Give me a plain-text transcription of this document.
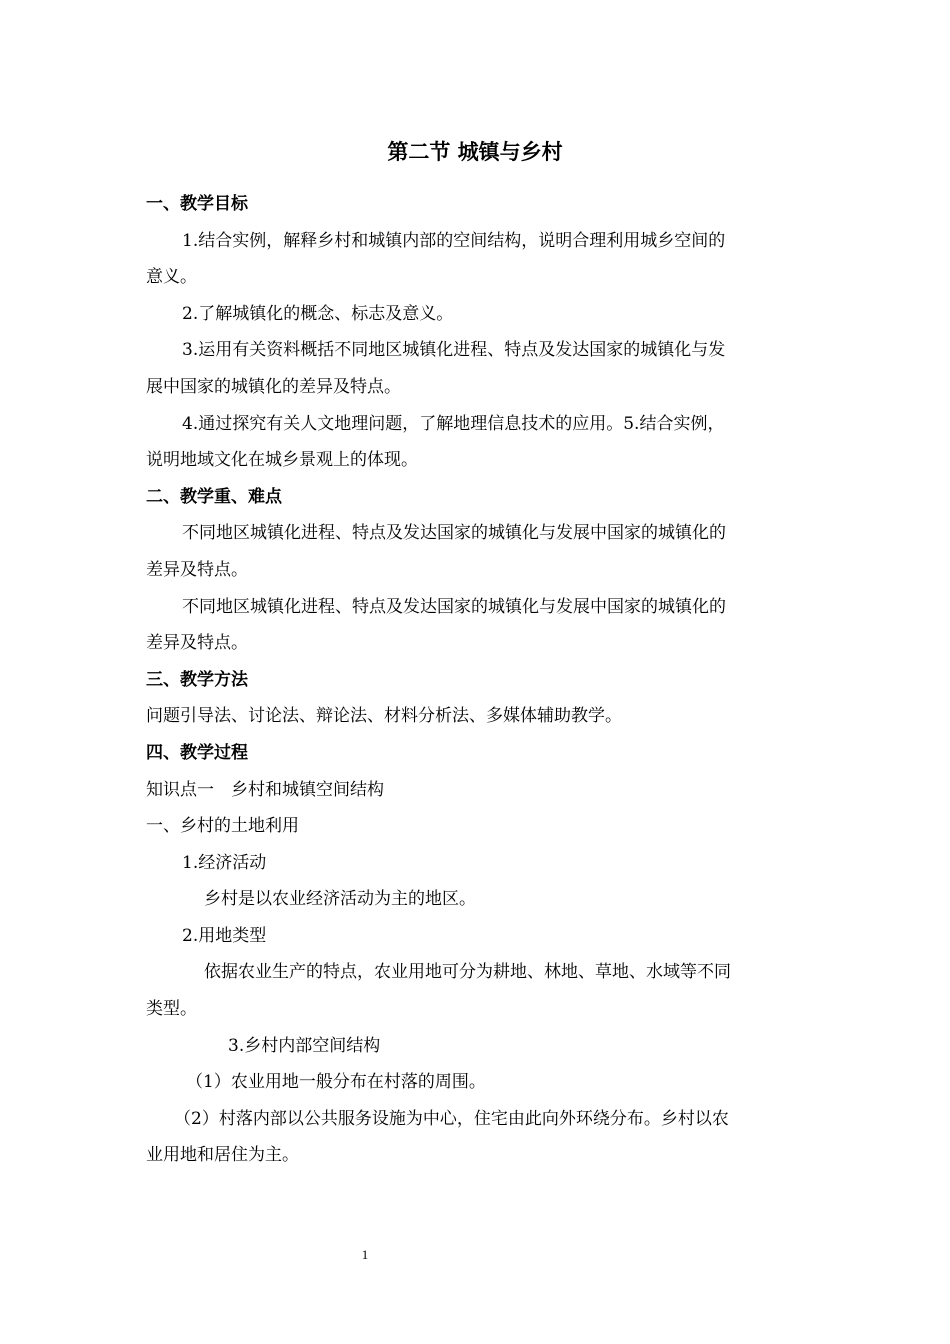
第二节 城镇与乡村
一、教学目标
1.结合实例，解释乡村和城镇内部的空间结构，说明合理利用城乡空间的
意义。
2.了解城镇化的概念、标志及意义。
3.运用有关资料概括不同地区城镇化进程、特点及发达国家的城镇化与发
展中国家的城镇化的差异及特点。
4.通过探究有关人文地理问题，了解地理信息技术的应用。5.结合实例，
说明地域文化在城乡景观上的体现。
二、教学重、难点
不同地区城镇化进程、特点及发达国家的城镇化与发展中国家的城镇化的
差异及特点。
不同地区城镇化进程、特点及发达国家的城镇化与发展中国家的城镇化的
差异及特点。
三、教学方法
问题引导法、讨论法、辩论法、材料分析法、多媒体辅助教学。
四、教学过程
知识点一　乡村和城镇空间结构
一、乡村的土地利用
1.经济活动
乡村是以农业经济活动为主的地区。
2.用地类型
依据农业生产的特点，农业用地可分为耕地、林地、草地、水域等不同
类型。
3.乡村内部空间结构
（1）农业用地一般分布在村落的周围。
（2）村落内部以公共服务设施为中心，住宅由此向外环绕分布。乡村以农
业用地和居住为主。
1
